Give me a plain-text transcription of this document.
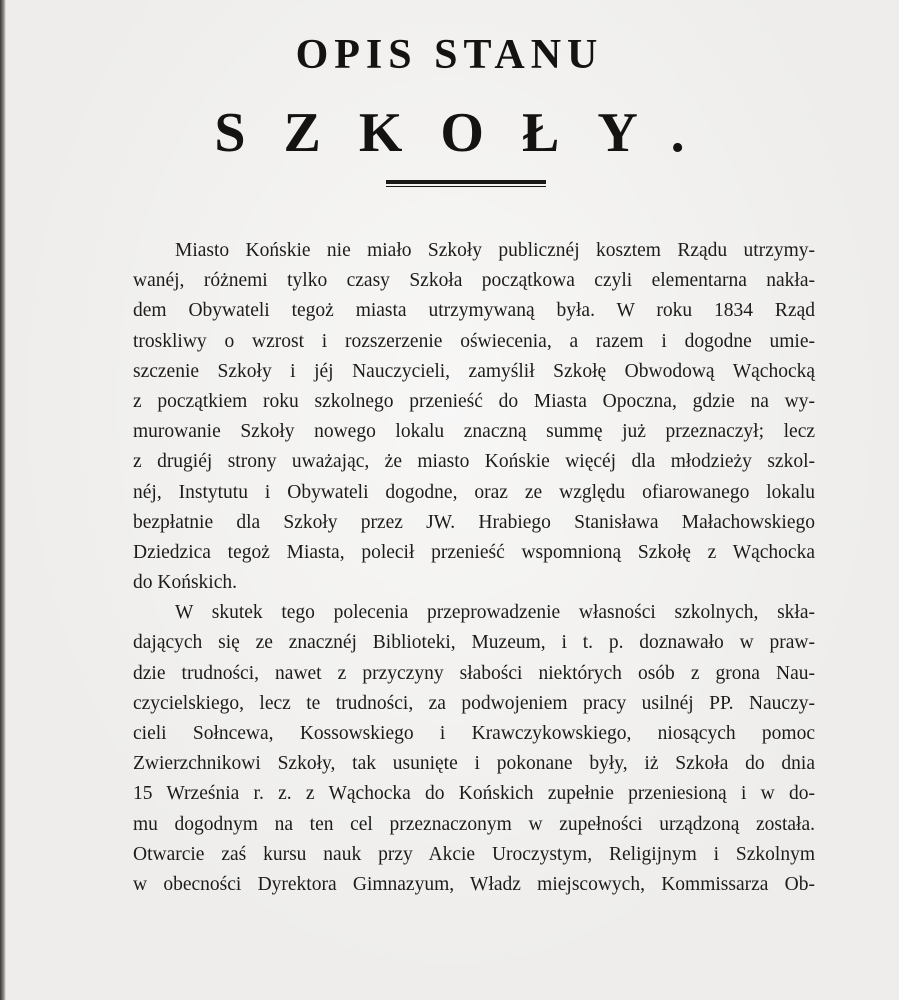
OPIS STANU
SZKOŁY.
Miasto Końskie nie miało Szkoły publicznéj kosztem Rządu utrzymy-
wanéj, różnemi tylko czasy Szkoła początkowa czyli elementarna nakła-
dem Obywateli tegoż miasta utrzymywaną była. W roku 1834 Rząd
troskliwy o wzrost i rozszerzenie oświecenia, a razem i dogodne umie-
szczenie Szkoły i jéj Nauczycieli, zamyślił Szkołę Obwodową Wąchocką
z początkiem roku szkolnego przenieść do Miasta Opoczna, gdzie na wy-
murowanie Szkoły nowego lokalu znaczną summę już przeznaczył; lecz
z drugiéj strony uważając, że miasto Końskie więcéj dla młodzieży szkol-
néj, Instytutu i Obywateli dogodne, oraz ze względu ofiarowanego lokalu
bezpłatnie dla Szkoły przez JW. Hrabiego Stanisława Małachowskiego
Dziedzica tegoż Miasta, polecił przenieść wspomnioną Szkołę z Wąchocka
do Końskich.
W skutek tego polecenia przeprowadzenie własności szkolnych, skła-
dających się ze znacznéj Biblioteki, Muzeum, i t. p. doznawało w praw-
dzie trudności, nawet z przyczyny słabości niektórych osób z grona Nau-
czycielskiego, lecz te trudności, za podwojeniem pracy usilnéj PP. Nauczy-
cieli Sołncewa, Kossowskiego i Krawczykowskiego, niosących pomoc
Zwierzchnikowi Szkoły, tak usunięte i pokonane były, iż Szkoła do dnia
15 Września r. z. z Wąchocka do Końskich zupełnie przeniesioną i w do-
mu dogodnym na ten cel przeznaczonym w zupełności urządzoną została.
Otwarcie zaś kursu nauk przy Akcie Uroczystym, Religijnym i Szkolnym
w obecności Dyrektora Gimnazyum, Władz miejscowych, Kommissarza Ob-
